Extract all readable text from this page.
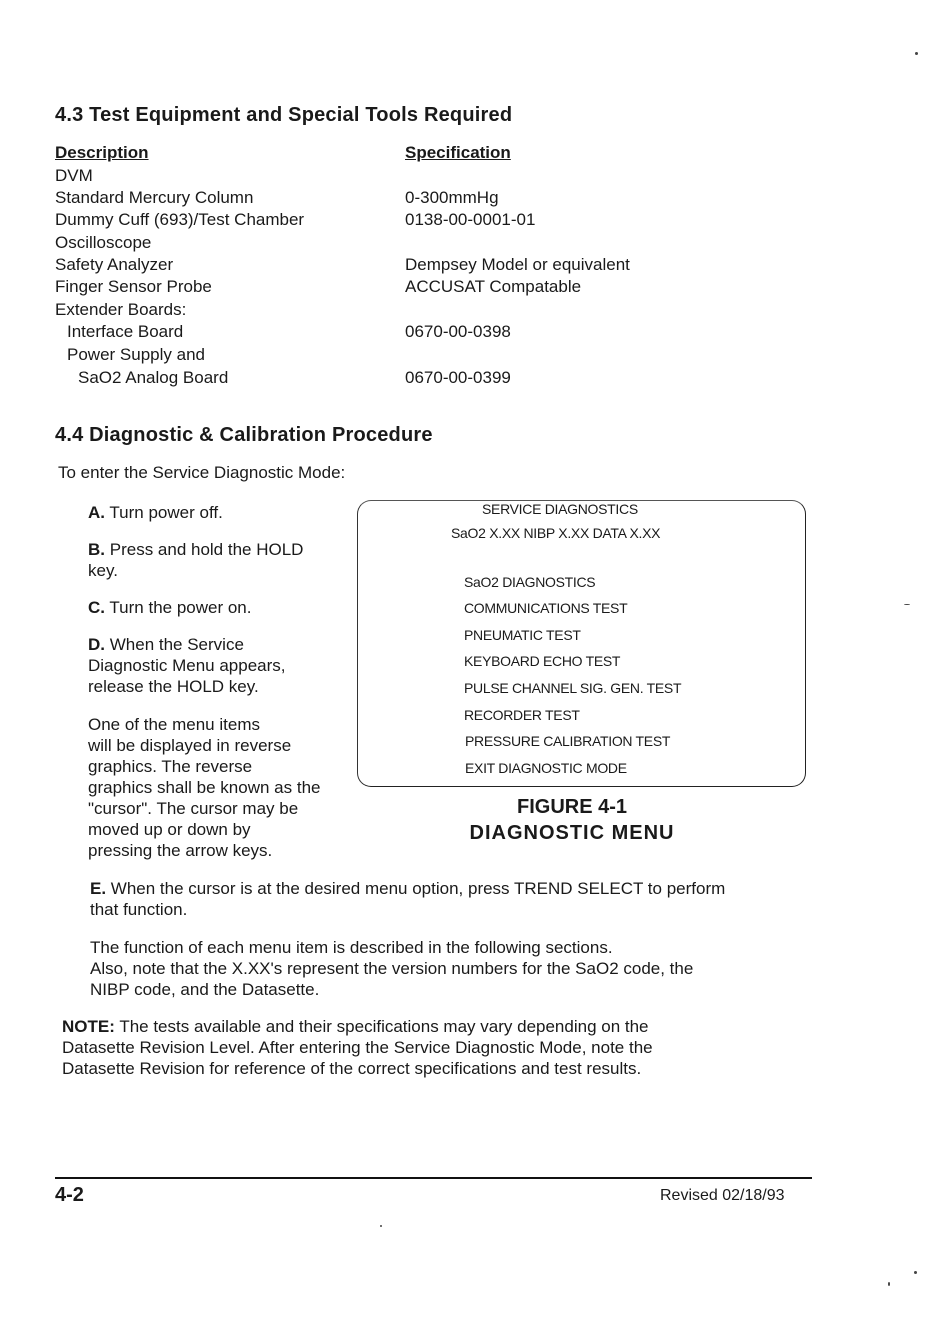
4.3 Test Equipment and Special Tools Required
Description	Specification
DVM
Standard Mercury Column	0-300mmHg
Dummy Cuff (693)/Test Chamber	0138-00-0001-01
Oscilloscope
Safety Analyzer	Dempsey Model or equivalent
Finger Sensor Probe	ACCUSAT Compatable
Extender Boards:
Interface Board	0670-00-0398
Power Supply and
SaO2 Analog Board	0670-00-0399
4.4 Diagnostic & Calibration Procedure
To enter the Service Diagnostic Mode:
A. Turn power off.
B. Press and hold the HOLD
key.
C. Turn the power on.
D. When the Service
Diagnostic Menu appears,
release the HOLD key.
One of the menu items
will be displayed in reverse
graphics. The reverse
graphics shall be known as the
"cursor". The cursor may be
moved up or down by
pressing the arrow keys.
SERVICE DIAGNOSTICS
SaO2 X.XX NIBP X.XX DATA X.XX
SaO2 DIAGNOSTICS
COMMUNICATIONS TEST
PNEUMATIC TEST
KEYBOARD ECHO TEST
PULSE CHANNEL SIG. GEN. TEST
RECORDER TEST
PRESSURE CALIBRATION TEST
EXIT DIAGNOSTIC MODE
FIGURE 4-1
DIAGNOSTIC MENU
E. When the cursor is at the desired menu option, press TREND SELECT to perform
that function.
The function of each menu item is described in the following sections.
Also, note that the X.XX's represent the version numbers for the SaO2 code, the
NIBP code, and the Datasette.
NOTE: The tests available and their specifications may vary depending on the
Datasette Revision Level. After entering the Service Diagnostic Mode, note the
Datasette Revision for reference of the correct specifications and test results.
4-2	Revised 02/18/93
